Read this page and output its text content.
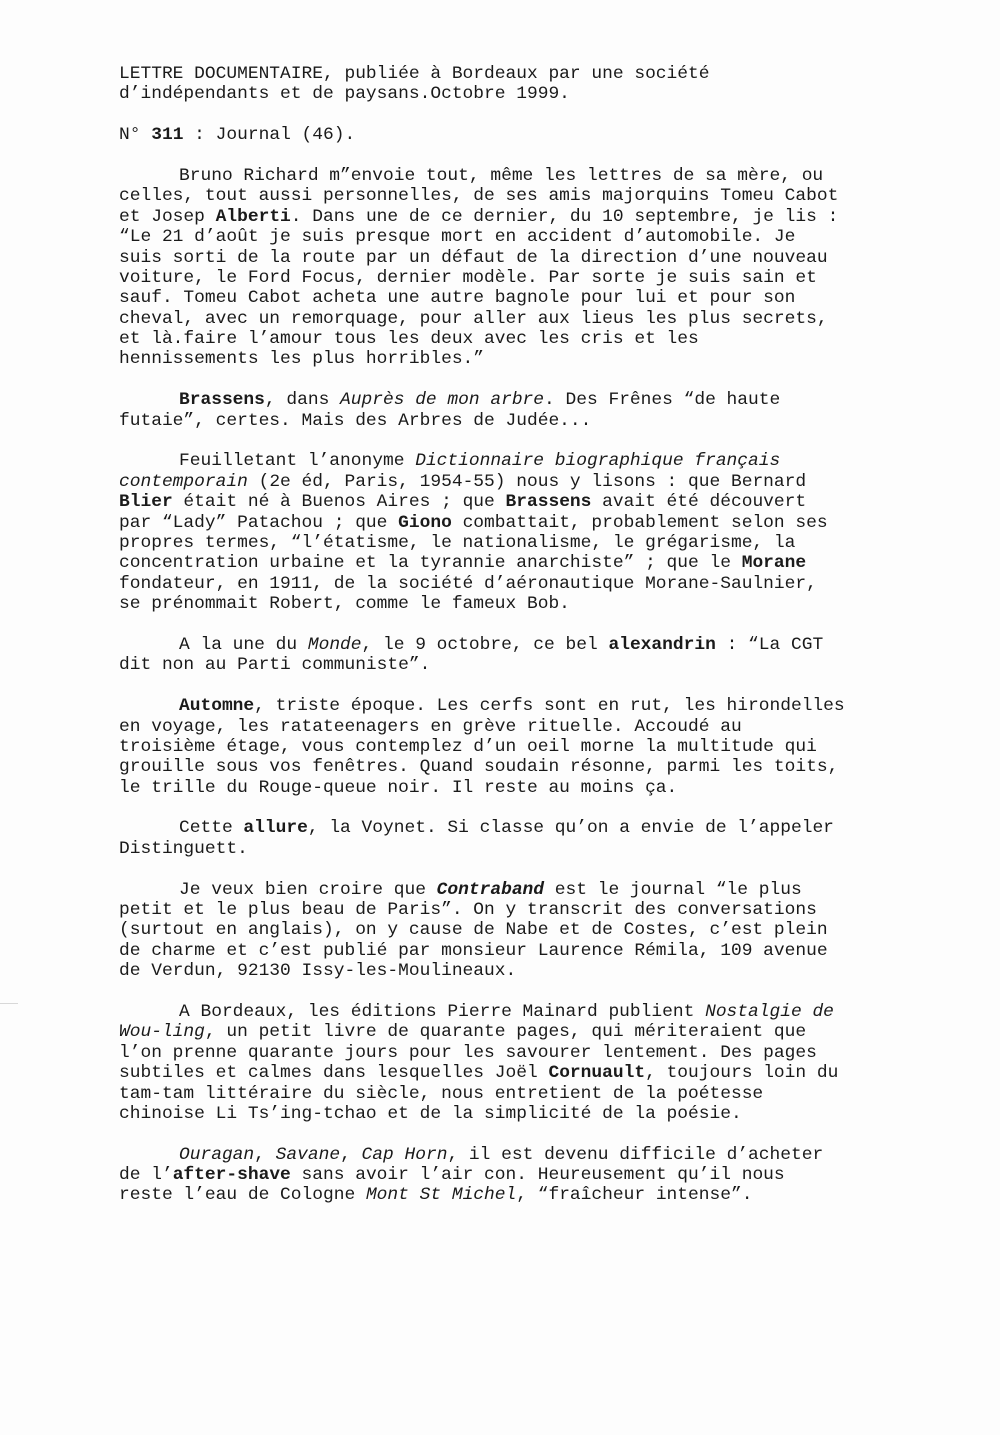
LETTRE DOCUMENTAIRE, publiée à Bordeaux par une société
d’indépendants et de paysans.Octobre 1999.
N° 311 : Journal (46).
Bruno Richard m”envoie tout, même les lettres de sa mère, ou
celles, tout aussi personnelles, de ses amis majorquins Tomeu Cabot
et Josep Alberti. Dans une de ce dernier, du 10 septembre, je lis :
“Le 21 d’août je suis presque mort en accident d’automobile. Je
suis sorti de la route par un défaut de la direction d’une nouveau
voiture, le Ford Focus, dernier modèle. Par sorte je suis sain et
sauf. Tomeu Cabot acheta une autre bagnole pour lui et pour son
cheval, avec un remorquage, pour aller aux lieus les plus secrets,
et là.faire l’amour tous les deux avec les cris et les
hennissements les plus horribles.”
Brassens, dans Auprès de mon arbre. Des Frênes “de haute
futaie”, certes. Mais des Arbres de Judée...
Feuilletant l’anonyme Dictionnaire biographique français
contemporain (2e éd, Paris, 1954-55) nous y lisons : que Bernard
Blier était né à Buenos Aires ; que Brassens avait été découvert
par “Lady” Patachou ; que Giono combattait, probablement selon ses
propres termes, “l’étatisme, le nationalisme, le grégarisme, la
concentration urbaine et la tyrannie anarchiste” ; que le Morane
fondateur, en 1911, de la société d’aéronautique Morane-Saulnier,
se prénommait Robert, comme le fameux Bob.
A la une du Monde, le 9 octobre, ce bel alexandrin : “La CGT
dit non au Parti communiste”.
Automne, triste époque. Les cerfs sont en rut, les hirondelles
en voyage, les ratateenagers en grève rituelle. Accoudé au
troisième étage, vous contemplez d’un oeil morne la multitude qui
grouille sous vos fenêtres. Quand soudain résonne, parmi les toits,
le trille du Rouge-queue noir. Il reste au moins ça.
Cette allure, la Voynet. Si classe qu’on a envie de l’appeler
Distinguett.
Je veux bien croire que Contraband est le journal “le plus
petit et le plus beau de Paris”. On y transcrit des conversations
(surtout en anglais), on y cause de Nabe et de Costes, c’est plein
de charme et c’est publié par monsieur Laurence Rémila, 109 avenue
de Verdun, 92130 Issy-les-Moulineaux.
A Bordeaux, les éditions Pierre Mainard publient Nostalgie de
Wou-ling, un petit livre de quarante pages, qui mériteraient que
l’on prenne quarante jours pour les savourer lentement. Des pages
subtiles et calmes dans lesquelles Joël Cornuault, toujours loin du
tam-tam littéraire du siècle, nous entretient de la poétesse
chinoise Li Ts’ing-tchao et de la simplicité de la poésie.
Ouragan, Savane, Cap Horn, il est devenu difficile d’acheter
de l’after-shave sans avoir l’air con. Heureusement qu’il nous
reste l’eau de Cologne Mont St Michel, “fraîcheur intense”.
